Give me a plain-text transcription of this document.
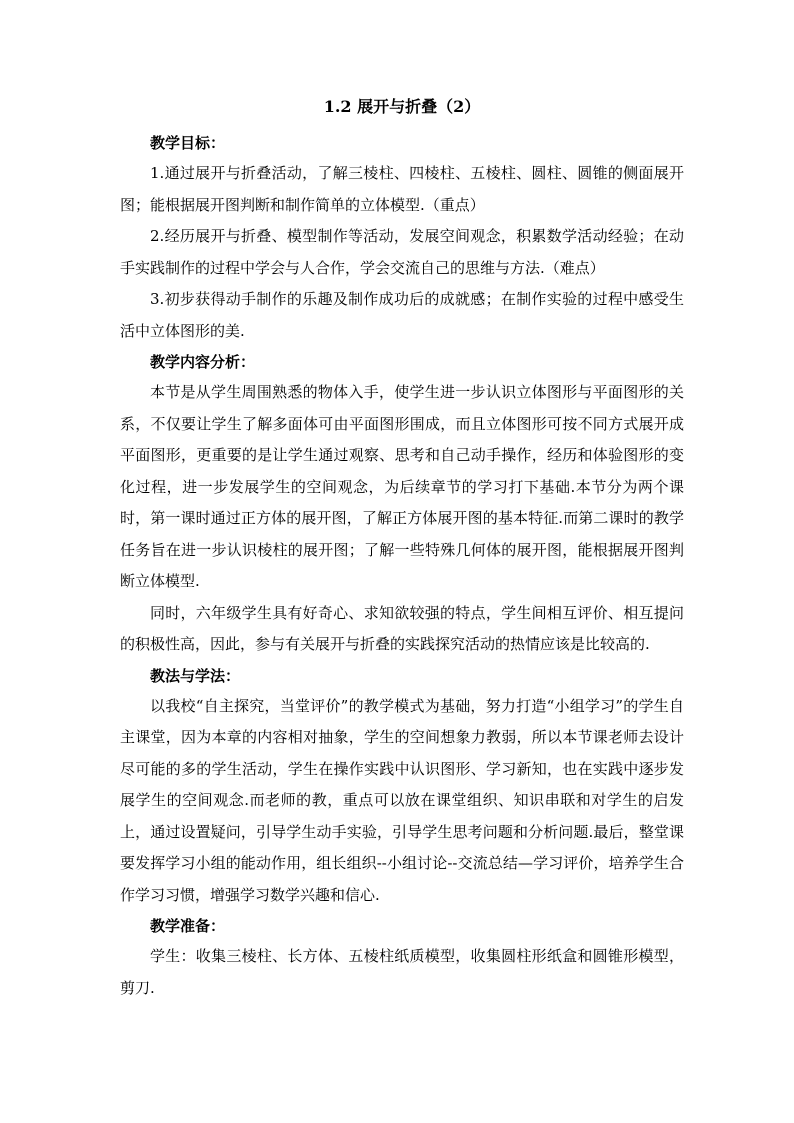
1.2 展开与折叠（2）
教学目标：

1.通过展开与折叠活动，了解三棱柱、四棱柱、五棱柱、圆柱、圆锥的侧面展开图；能根据展开图判断和制作简单的立体模型.（重点）

2.经历展开与折叠、模型制作等活动，发展空间观念，积累数学活动经验；在动手实践制作的过程中学会与人合作，学会交流自己的思维与方法.（难点）

3.初步获得动手制作的乐趣及制作成功后的成就感；在制作实验的过程中感受生活中立体图形的美.

教学内容分析：

本节是从学生周围熟悉的物体入手，使学生进一步认识立体图形与平面图形的关系，不仅要让学生了解多面体可由平面图形围成，而且立体图形可按不同方式展开成平面图形，更重要的是让学生通过观察、思考和自己动手操作，经历和体验图形的变化过程，进一步发展学生的空间观念，为后续章节的学习打下基础.本节分为两个课时，第一课时通过正方体的展开图，了解正方体展开图的基本特征.而第二课时的教学任务旨在进一步认识棱柱的展开图；了解一些特殊几何体的展开图，能根据展开图判断立体模型.

同时，六年级学生具有好奇心、求知欲较强的特点，学生间相互评价、相互提问的积极性高，因此，参与有关展开与折叠的实践探究活动的热情应该是比较高的.

教法与学法：

以我校“自主探究，当堂评价”的教学模式为基础，努力打造“小组学习”的学生自主课堂，因为本章的内容相对抽象，学生的空间想象力教弱，所以本节课老师去设计尽可能的多的学生活动，学生在操作实践中认识图形、学习新知，也在实践中逐步发展学生的空间观念.而老师的教，重点可以放在课堂组织、知识串联和对学生的启发上，通过设置疑问，引导学生动手实验，引导学生思考问题和分析问题.最后，整堂课要发挥学习小组的能动作用，组长组织--小组讨论--交流总结—学习评价，培养学生合作学习习惯，增强学习数学兴趣和信心.

教学准备：

学生：收集三棱柱、长方体、五棱柱纸质模型，收集圆柱形纸盒和圆锥形模型，剪刀.
